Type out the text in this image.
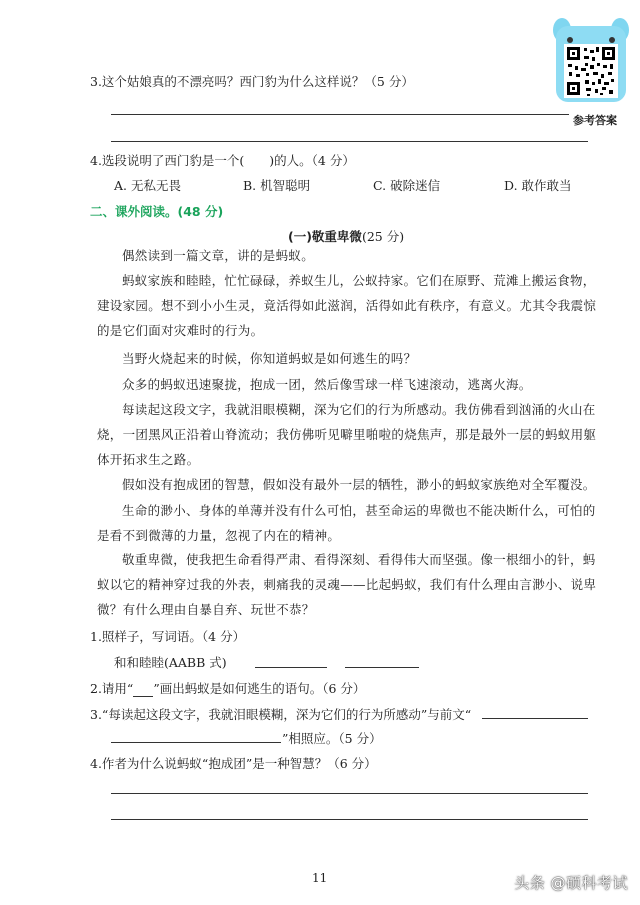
参考答案
3.这个姑娘真的不漂亮吗？西门豹为什么这样说？（5 分）
4.选段说明了西门豹是一个(　　)的人。（4 分）
A. 无私无畏	B. 机智聪明	C. 破除迷信	D. 敢作敢当
二、课外阅读。(48 分)
(一)敬重卑微(25 分)
偶然读到一篇文章，讲的是蚂蚁。
蚂蚁家族和睦睦，忙忙碌碌，养蚁生儿，公蚁持家。它们在原野、荒滩上搬运食物，建设家园。想不到小小生灵，竟活得如此滋润，活得如此有秩序，有意义。尤其令我震惊的是它们面对灾难时的行为。
当野火烧起来的时候，你知道蚂蚁是如何逃生的吗？
众多的蚂蚁迅速聚拢，抱成一团，然后像雪球一样飞速滚动，逃离火海。
每读起这段文字，我就泪眼模糊，深为它们的行为所感动。我仿佛看到汹涌的火山在烧，一团黑风正沿着山脊流动；我仿佛听见噼里啪啦的烧焦声，那是最外一层的蚂蚁用躯体开拓求生之路。
假如没有抱成团的智慧，假如没有最外一层的牺牲，渺小的蚂蚁家族绝对全军覆没。
生命的渺小、身体的单薄并没有什么可怕，甚至命运的卑微也不能决断什么，可怕的是看不到微薄的力量，忽视了内在的精神。
敬重卑微，使我把生命看得严肃、看得深刻、看得伟大而坚强。像一根细小的针，蚂蚁以它的精神穿过我的外表，刺痛我的灵魂——比起蚂蚁，我们有什么理由言渺小、说卑微？有什么理由自暴自弃、玩世不恭？
1.照样子，写词语。（4 分）
和和睦睦(AABB 式)
2.请用“ ”画出蚂蚁是如何逃生的语句。（6 分）
3.“每读起这段文字，我就泪眼模糊，深为它们的行为所感动”与前文“
”相照应。（5 分）
4.作者为什么说蚂蚁“抱成团”是一种智慧？（6 分）
11	头条 @硕科考试
